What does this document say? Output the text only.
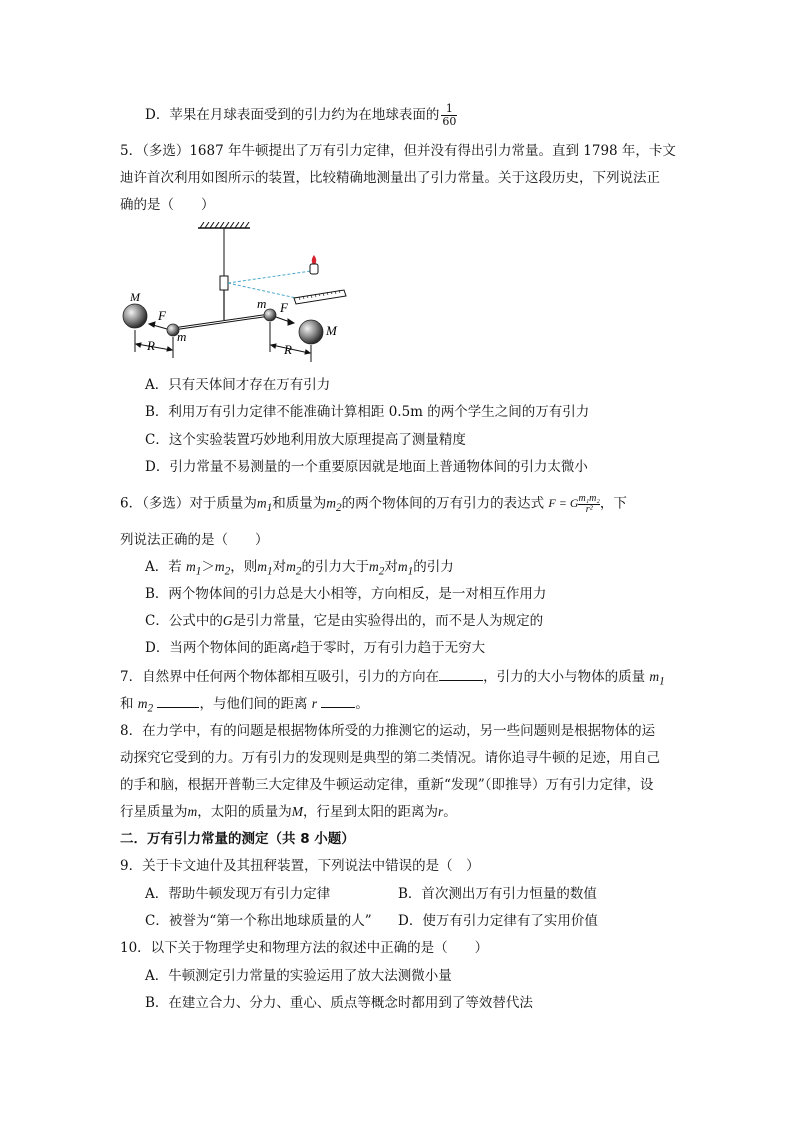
D．苹果在月球表面受到的引力约为在地球表面的 $\frac{1}{60}$
5．（多选）1687 年牛顿提出了万有引力定律，但并没有得出引力常量。直到 1798 年，卡文
迪许首次利用如图所示的装置，比较精确地测量出了引力常量。关于这段历史，下列说法正
确的是（　　）
M
M
m
m
F
F
R	R
A．只有天体间才存在万有引力
B．利用万有引力定律不能准确计算相距 0.5m 的两个学生之间的万有引力
C．这个实验装置巧妙地利用放大原理提高了测量精度
D．引力常量不易测量的一个重要原因就是地面上普通物体间的引力太微小
6．（多选）对于质量为$m_1$和质量为$m_2$的两个物体间的万有引力的表达式 F = G $\frac{\text{m₁m₂}}{\text{r²}}$，下
列说法正确的是（　　）
A．若 $m_1>m_2$，则$m_1$对$m_2$的引力大于$m_2$对$m_1$的引力
B．两个物体间的引力总是大小相等，方向相反，是一对相互作用力
C．公式中的G是引力常量，它是由实验得出的，而不是人为规定的
D．当两个物体间的距离r趋于零时，万有引力趋于无穷大
7．自然界中任何两个物体都相互吸引，引力的方向在	，引力的大小与物体的质量 $m_1$
和 $m_2$	，与他们间的距离 r	。
8．在力学中，有的问题是根据物体所受的力推测它的运动，另一些问题则是根据物体的运
动探究它受到的力。万有引力的发现则是典型的第二类情况。请你追寻牛顿的足迹，用自己
的手和脑，根据开普勒三大定律及牛顿运动定律，重新“发现”（即推导）万有引力定律，设
行星质量为m，太阳的质量为M，行星到太阳的距离为r。
二．万有引力常量的测定（共 8 小题）
9．关于卡文迪什及其扭秤装置，下列说法中错误的是（　）
A．帮助牛顿发现万有引力定律	B．首次测出万有引力恒量的数值
C．被誉为“第一个称出地球质量的人” D．使万有引力定律有了实用价值
10．以下关于物理学史和物理方法的叙述中正确的是（　　）
A．牛顿测定引力常量的实验运用了放大法测微小量
B．在建立合力、分力、重心、质点等概念时都用到了等效替代法
